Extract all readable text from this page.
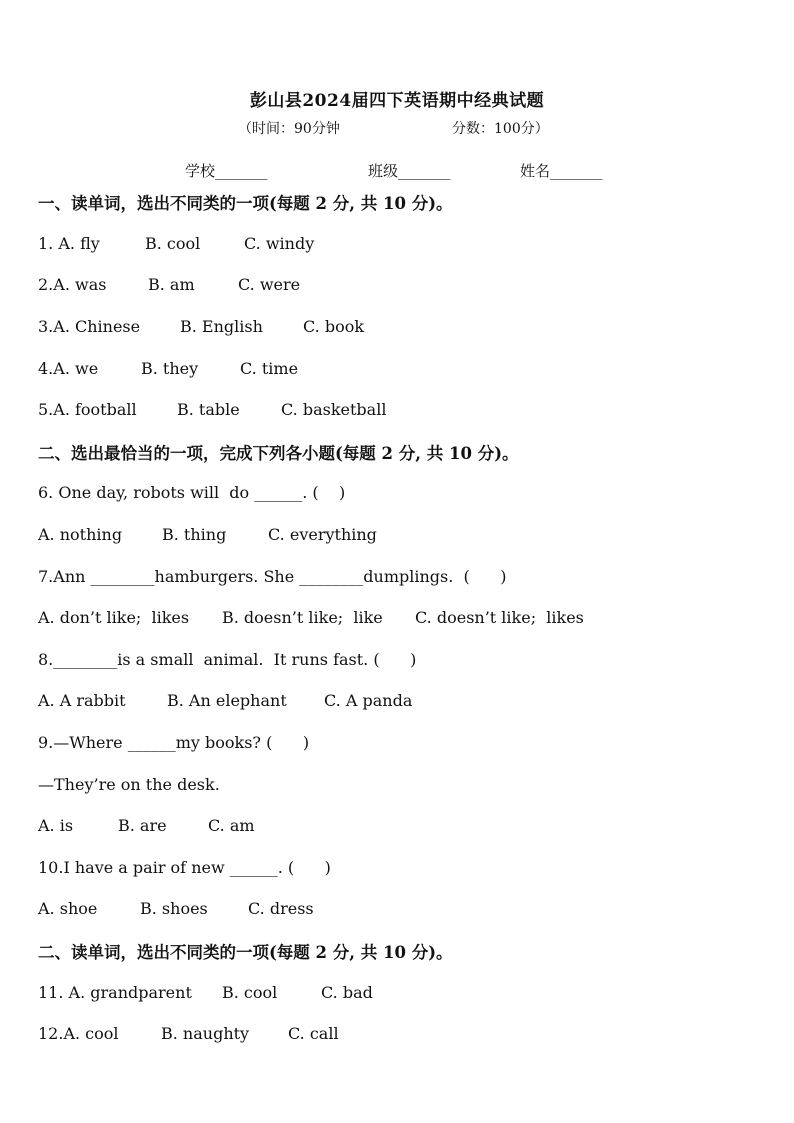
彭山县2024届四下英语期中经典试题
（时间：90分钟	分数：100分）
学校_______	班级_______	姓名_______
一、读单词，选出不同类的一项(每题 2 分, 共 10 分)。
1. A. fly	B. cool	C. windy
2.A. was	B. am	C. were
3.A. Chinese B. English	C. book
4.A. we	B. they	C. time
5.A. football	B. table	C. basketball
二、选出最恰当的一项，完成下列各小题(每题 2 分, 共 10 分)。
6. One day, robots will  do ______. (    )
A. nothing B. thing	C. everything
7.Ann ________hamburgers. She ________dumplings.  (      )
A. don’t like;  likes B. doesn’t like;  like C. doesn’t like;  likes
8.________is a small  animal.  It runs fast. (      )
A. A rabbit	B. An elephant C. A panda
9.—Where ______my books? (      )
—They’re on the desk.
A. is	B. are	C. am
10.I have a pair of new ______. (      )
A. shoe	B. shoes	C. dress
二、读单词，选出不同类的一项(每题 2 分, 共 10 分)。
11. A. grandparent B. cool	C. bad
12.A. cool	B. naughty C. call
